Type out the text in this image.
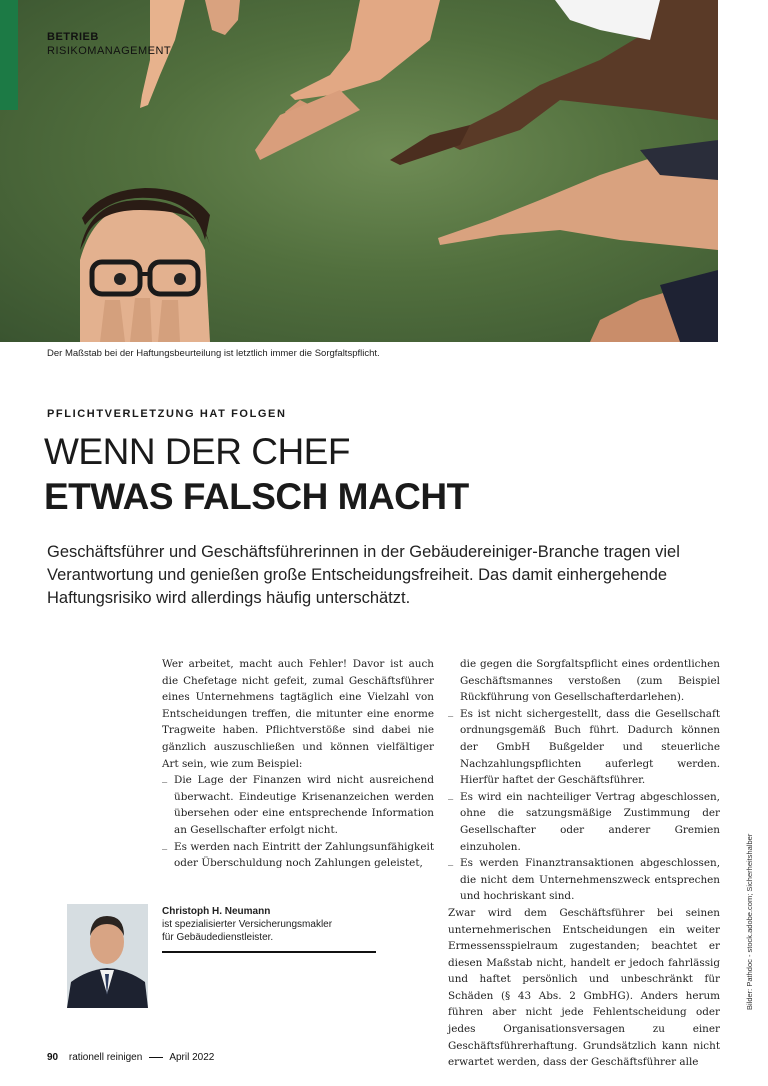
BETRIEB
RISIKOMANAGEMENT
Der Maßstab bei der Haftungsbeurteilung ist letztlich immer die Sorgfaltspflicht.
PFLICHTVERLETZUNG HAT FOLGEN
WENN DER CHEF
ETWAS FALSCH MACHT
Geschäftsführer und Geschäftsführerinnen in der Gebäudereiniger-Branche tragen viel Verantwortung und genießen große Entscheidungsfreiheit. Das damit einhergehende Haftungsrisiko wird allerdings häufig unterschätzt.

Wer arbeitet, macht auch Fehler! Davor ist auch die Chefetage nicht gefeit, zumal Geschäftsführer eines Unternehmens tagtäglich eine Vielzahl von Entscheidungen treffen, die mitunter eine enorme Tragweite haben. Pflichtverstöße sind dabei nie gänzlich auszuschließen und können vielfältiger Art sein, wie zum Beispiel:

_ Die Lage der Finanzen wird nicht ausreichend überwacht. Eindeutige Krisenanzeichen werden übersehen oder eine entsprechende Information an Gesellschafter erfolgt nicht.
_ Es werden nach Eintritt der Zahlungsunfähigkeit oder Überschuldung noch Zahlungen geleistet,

die gegen die Sorgfaltspflicht eines ordentlichen Geschäftsmannes verstoßen (zum Beispiel Rückführung von Gesellschafterdarlehen).

_ Es ist nicht sichergestellt, dass die Gesellschaft ordnungsgemäß Buch führt. Dadurch können der GmbH Bußgelder und steuerliche Nachzahlungspflichten auferlegt werden. Hierfür haftet der Geschäftsführer.
_ Es wird ein nachteiliger Vertrag abgeschlossen, ohne die satzungsmäßige Zustimmung der Gesellschafter oder anderer Gremien einzuholen.
_ Es werden Finanztransaktionen abgeschlossen, die nicht dem Unternehmenszweck entsprechen und hochriskant sind.

Zwar wird dem Geschäftsführer bei seinen unternehmerischen Entscheidungen ein weiter Ermessensspielraum zugestanden; beachtet er diesen Maßstab nicht, handelt er jedoch fahrlässig und haftet persönlich und unbeschränkt für Schäden (§ 43 Abs. 2 GmbHG). Anders herum führen aber nicht jede Fehlentscheidung oder jedes Organisationsversagen zu einer Geschäftsführerhaftung. Grundsätzlich kann nicht erwartet werden, dass der Geschäftsführer alle

Christoph H. Neumann
ist spezialisierter Versicherungsmakler
für Gebäudedienstleister.	Bilder: Pathdoc - stock.adobe.com; Sicherheitshalber
90 rationell reinigen	April 2022
